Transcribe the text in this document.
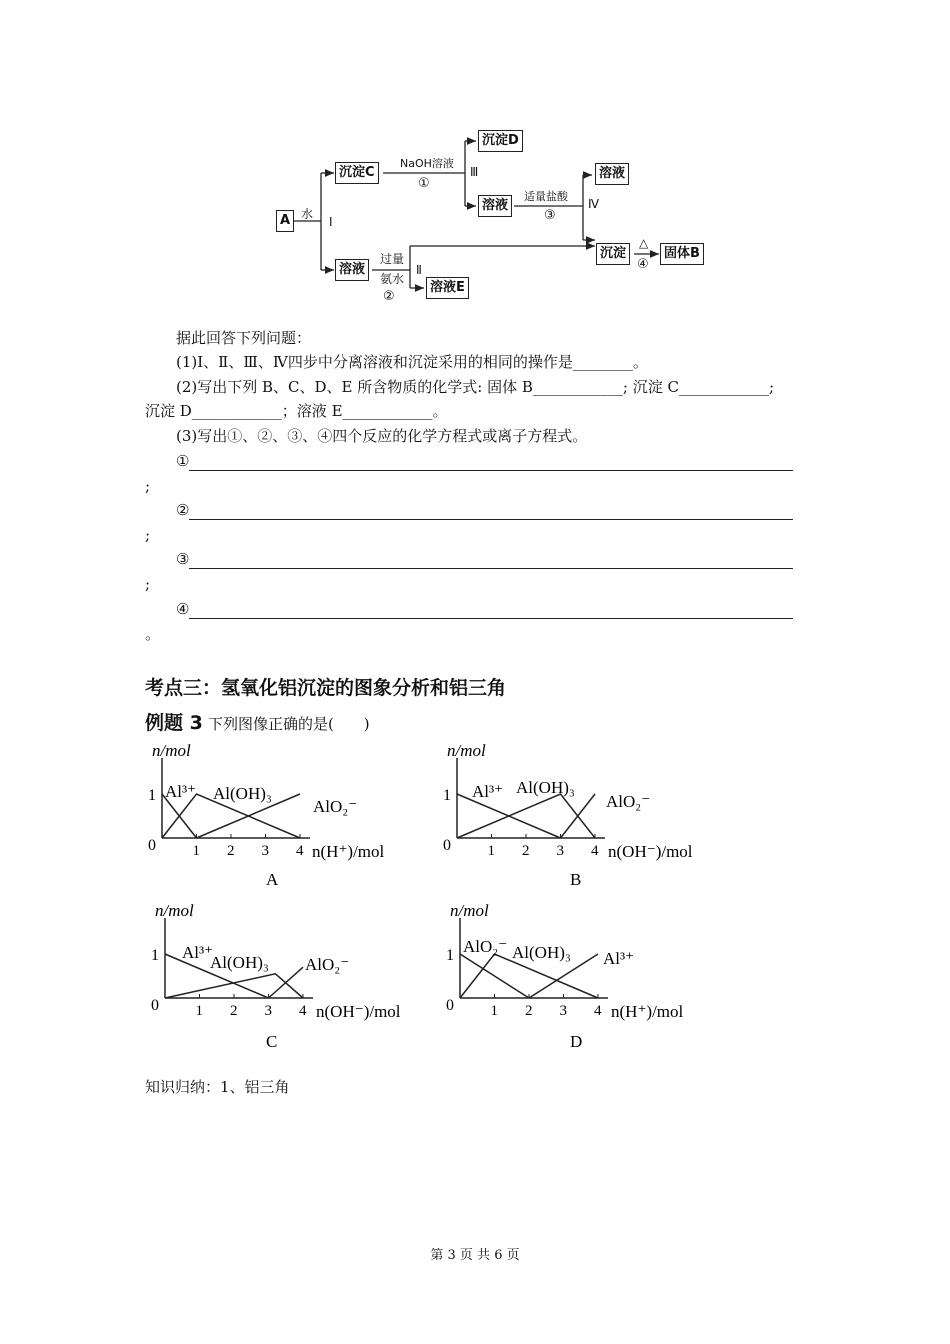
A 水
Ⅰ
沉淀C
NaOH溶液
①
Ⅲ
沉淀D
溶液
适量盐酸
③
Ⅳ
溶液
沉淀
△
④
固体B
溶液
过量
氨水
②
Ⅱ
溶液E
据此回答下列问题：
(1)Ⅰ、Ⅱ、Ⅲ、Ⅳ四步中分离溶液和沉淀采用的相同的操作是________。
(2)写出下列 B、C、D、E 所含物质的化学式: 固体 B____________; 沉淀 C____________;
沉淀 D____________；溶液 E____________。
(3)写出①、②、③、④四个反应的化学方程式或离子方程式。
①
;
②
;
③
;
④
。
考点三：氢氧化铝沉淀的图象分析和铝三角
例题 3 下列图像正确的是(　　)
n/mol
0
1
1 2 3 4 n(H⁺)/mol
Al³⁺ Al(OH)₃
AlO₂⁻
A
n/mol
0
1
1 2 3 4 n(OH⁻)/mol
Al³⁺ Al(OH)₃
AlO₂⁻
B
n/mol
0
1
1 2 3 4 n(OH⁻)/mol
Al³⁺
Al(OH)₃ AlO₂⁻
C
n/mol
0
1
1 2 3 4 n(H⁺)/mol
AlO₂⁻ Al(OH)₃ Al³⁺
D
知识归纳：1、铝三角
第 3 页 共 6 页
